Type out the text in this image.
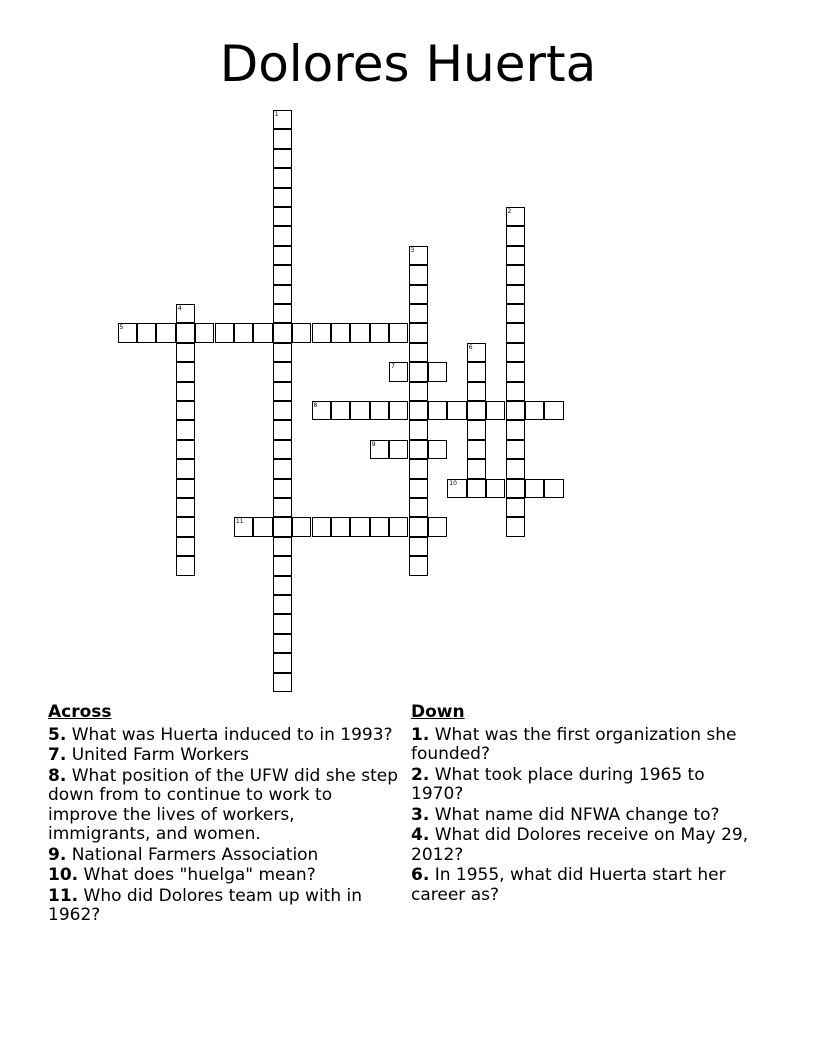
Dolores Huerta
1
2
3
4
5
6
7
8
9
10
11
Across
5. What was Huerta induced to in 1993?
7. United Farm Workers
8. What position of the UFW did she step down from to continue to work to improve the lives of workers, immigrants, and women.
9. National Farmers Association
10. What does "huelga" mean?
11. Who did Dolores team up with in 1962?
Down
1. What was the first organization she founded?
2. What took place during 1965 to 1970?
3. What name did NFWA change to?
4. What did Dolores receive on May 29, 2012?
6. In 1955, what did Huerta start her career as?
